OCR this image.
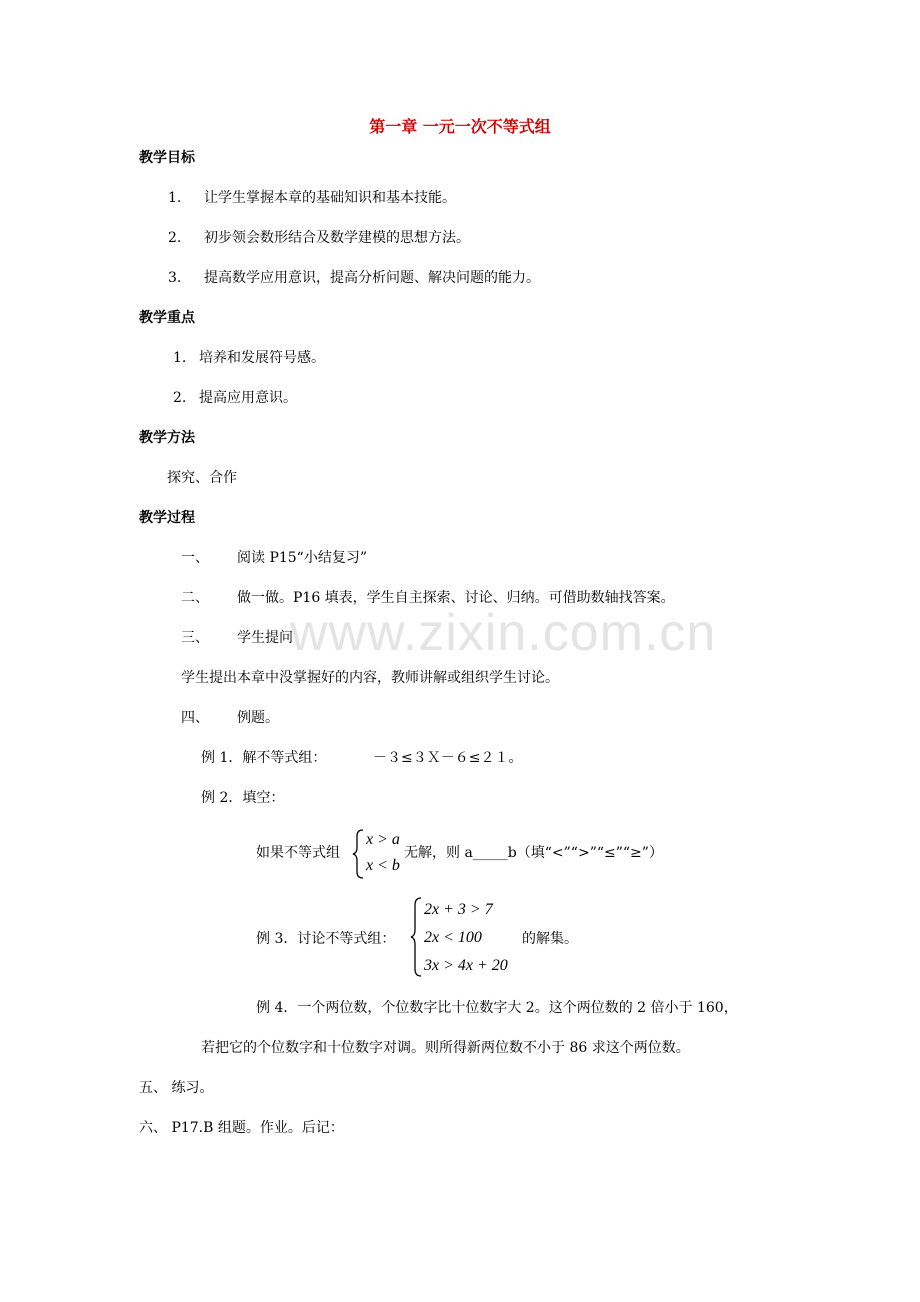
www.zixin.com.cn
第一章 一元一次不等式组
教学目标
1. 让学生掌握本章的基础知识和基本技能。
2. 初步领会数形结合及数学建模的思想方法。
3. 提高数学应用意识，提高分析问题、解决问题的能力。
教学重点
1. 培养和发展符号感。
2. 提高应用意识。
教学方法
探究、合作
教学过程
一、 阅读 P15“小结复习”
二、 做一做。P16 填表，学生自主探索、讨论、归纳。可借助数轴找答案。
三、 学生提问
学生提出本章中没掌握好的内容，教师讲解或组织学生讨论。
四、 例题。
例 1．解不等式组：	－３≤３Ｘ－６≤２１。
例 2．填空：
如果不等式组
x > a
x < b
无解，则 a_____b（填“<”“>”“≤”“≥”）
例 3．讨论不等式组：
2x + 3 > 7
2x < 100
3x > 4x + 20
的解集。
例 4．一个两位数，个位数字比十位数字大 2。这个两位数的 2 倍小于 160，
若把它的个位数字和十位数字对调。则所得新两位数不小于 86 求这个两位数。
五、 练习。
六、 P17.B 组题。作业。后记：
